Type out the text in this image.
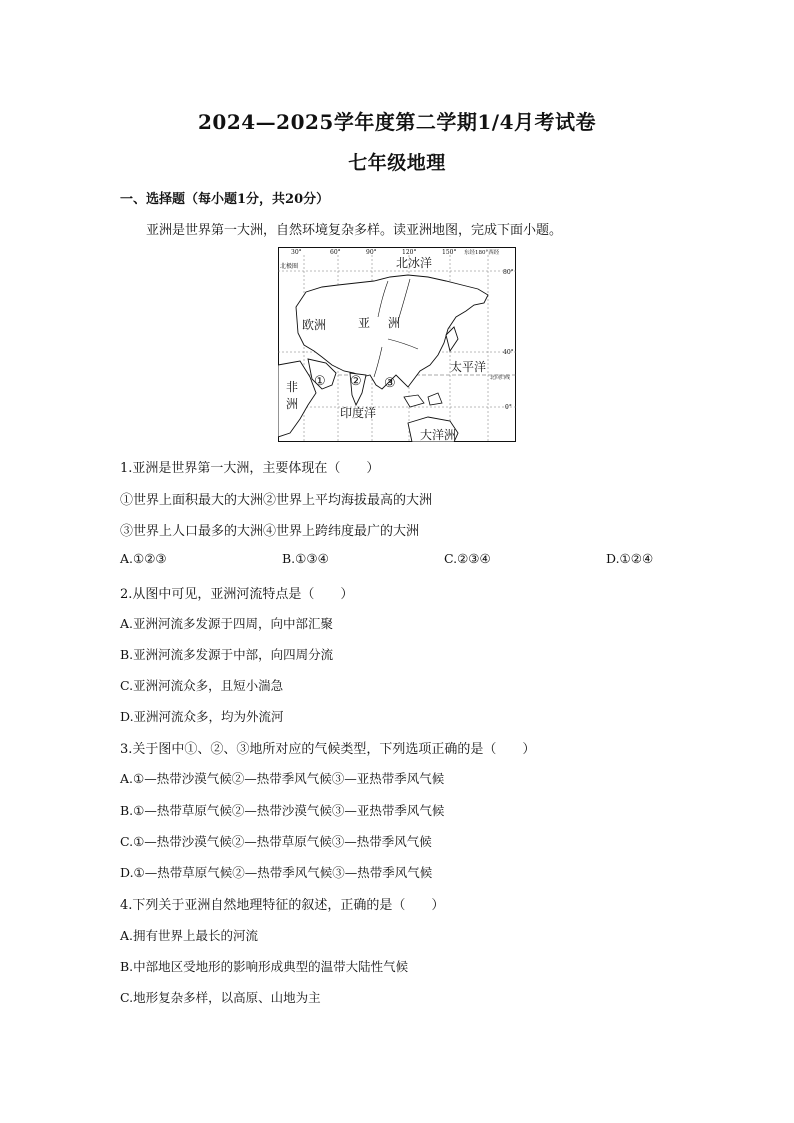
2024—2025学年度第二学期1/4月考试卷
七年级地理
一、选择题（每小题1分，共20分）
亚洲是世界第一大洲，自然环境复杂多样。读亚洲地图，完成下面小题。
30°	60°	90°	120°	150° 东经180°西经
80°
40°
0°
北极圈	北冰洋
欧洲	亚 洲
太平洋
北回归线
非
洲
印度洋
大洋洲
① ② ③
1.亚洲是世界第一大洲，主要体现在（　　）
①世界上面积最大的大洲②世界上平均海拔最高的大洲
③世界上人口最多的大洲④世界上跨纬度最广的大洲
A.①②③	B.①③④	C.②③④	D.①②④
2.从图中可见，亚洲河流特点是（　　）
A.亚洲河流多发源于四周，向中部汇聚
B.亚洲河流多发源于中部，向四周分流
C.亚洲河流众多，且短小湍急
D.亚洲河流众多，均为外流河
3.关于图中①、②、③地所对应的气候类型，下列选项正确的是（　　）
A.①—热带沙漠气候②—热带季风气候③—亚热带季风气候
B.①—热带草原气候②—热带沙漠气候③—亚热带季风气候
C.①—热带沙漠气候②—热带草原气候③—热带季风气候
D.①—热带草原气候②—热带季风气候③—热带季风气候
4.下列关于亚洲自然地理特征的叙述，正确的是（　　）
A.拥有世界上最长的河流
B.中部地区受地形的影响形成典型的温带大陆性气候
C.地形复杂多样，以高原、山地为主
